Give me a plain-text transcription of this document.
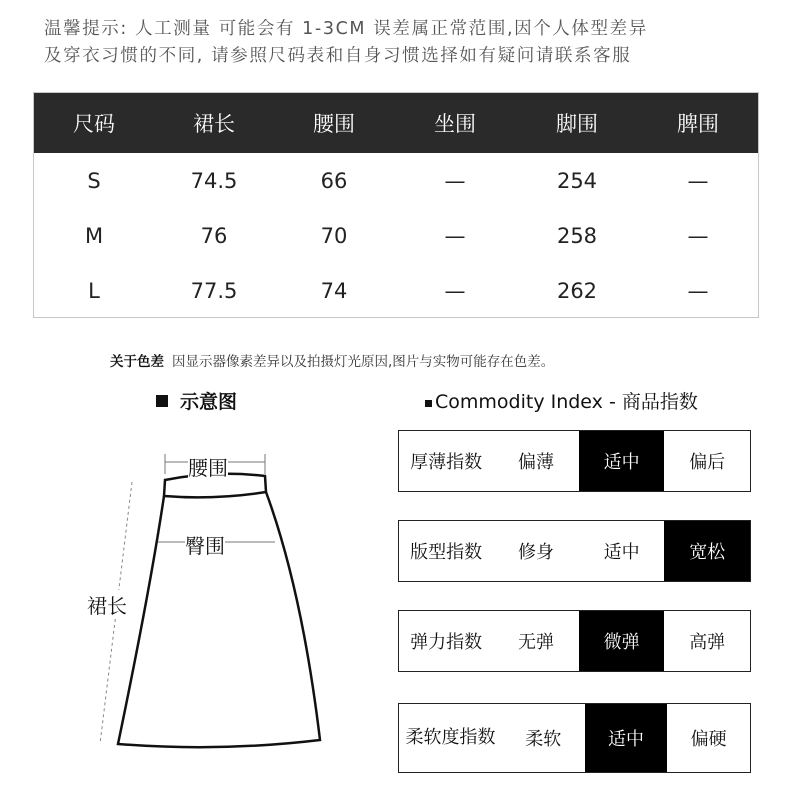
温馨提示: 人工测量 可能会有 1-3CM 误差属正常范围,因个人体型差异
及穿衣习惯的不同, 请参照尺码表和自身习惯选择如有疑问请联系客服
尺码	裙长	腰围	坐围	脚围	脾围
S	74.5	66	—	254	—
M	76	70	—	258	—
L	77.5	74	—	262	—
关于色差 因显示器像素差异以及拍摄灯光原因,图片与实物可能存在色差。
示意图	Commodity Index - 商品指数
腰围
臀围
裙长
厚薄指数	偏薄	适中	偏后
版型指数	修身	适中	宽松
弹力指数	无弹	微弹	高弹
柔软度指数	柔软	适中	偏硬
